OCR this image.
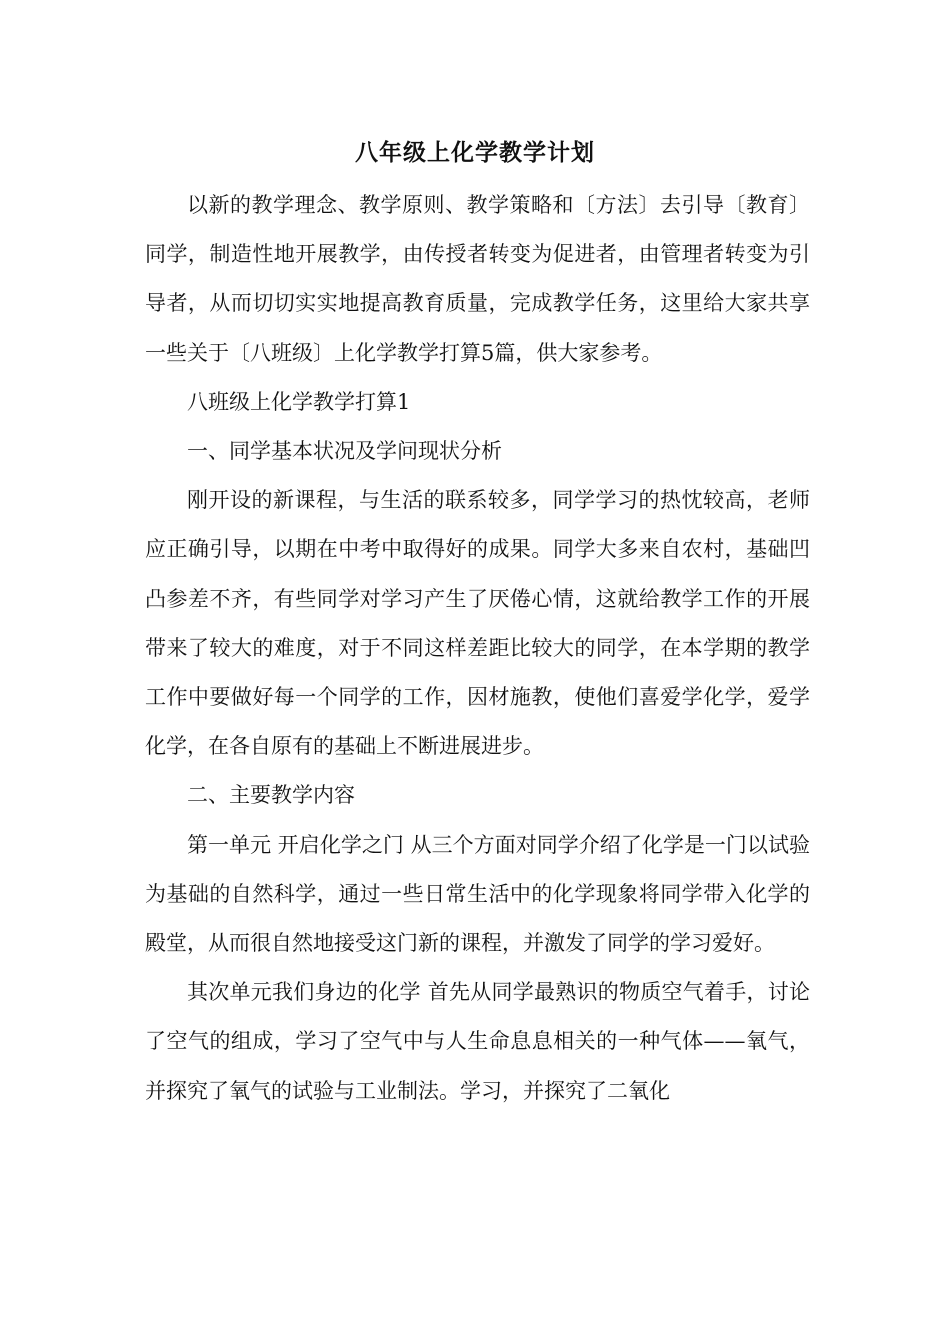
八年级上化学教学计划

以新的教学理念、教学原则、教学策略和〔方法〕去引导〔教育〕同学，制造性地开展教学，由传授者转变为促进者，由管理者转变为引导者，从而切切实实地提高教育质量，完成教学任务，这里给大家共享一些关于〔八班级〕上化学教学打算5篇，供大家参考。

八班级上化学教学打算1

一、同学基本状况及学问现状分析

刚开设的新课程，与生活的联系较多，同学学习的热忱较高，老师应正确引导，以期在中考中取得好的成果。同学大多来自农村，基础凹凸参差不齐，有些同学对学习产生了厌倦心情，这就给教学工作的开展带来了较大的难度，对于不同这样差距比较大的同学，在本学期的教学工作中要做好每一个同学的工作，因材施教，使他们喜爱学化学，爱学化学，在各自原有的基础上不断进展进步。

二、主要教学内容

第一单元 开启化学之门 从三个方面对同学介绍了化学是一门以试验为基础的自然科学，通过一些日常生活中的化学现象将同学带入化学的殿堂，从而很自然地接受这门新的课程，并激发了同学的学习爱好。

其次单元我们身边的化学 首先从同学最熟识的物质空气着手，讨论了空气的组成，学习了空气中与人生命息息相关的一种气体——氧气，并探究了氧气的试验与工业制法。学习，并探究了二氧化
